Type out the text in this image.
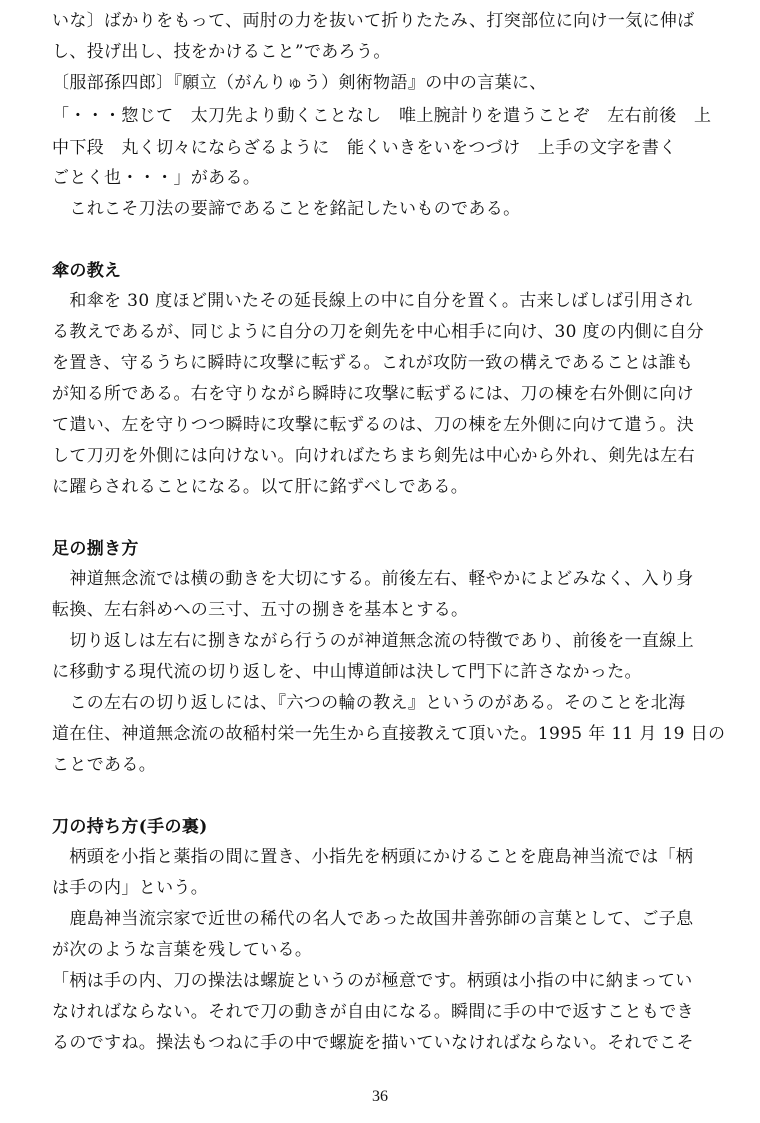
いな〕ばかりをもって、両肘の力を抜いて折りたたみ、打突部位に向け一気に伸ば
し、投げ出し、技をかけること”であろう。
〔服部孫四郎〕『願立（がんりゅう）剣術物語』の中の言葉に、
「・・・惣じて　太刀先より動くことなし　唯上腕計りを遣うことぞ　左右前後　上
中下段　丸く切々にならざるように　能くいきをいをつづけ　上手の文字を書く
ごとく也・・・」がある。
　これこそ刀法の要諦であることを銘記したいものである。
傘の教え
　和傘を 30 度ほど開いたその延長線上の中に自分を置く。古来しばしば引用され
る教えであるが、同じように自分の刀を剣先を中心相手に向け、30 度の内側に自分
を置き、守るうちに瞬時に攻撃に転ずる。これが攻防一致の構えであることは誰も
が知る所である。右を守りながら瞬時に攻撃に転ずるには、刀の棟を右外側に向け
て遣い、左を守りつつ瞬時に攻撃に転ずるのは、刀の棟を左外側に向けて遣う。決
して刀刃を外側には向けない。向ければたちまち剣先は中心から外れ、剣先は左右
に躍らされることになる。以て肝に銘ずべしである。
足の捌き方
　神道無念流では横の動きを大切にする。前後左右、軽やかによどみなく、入り身
転換、左右斜めへの三寸、五寸の捌きを基本とする。
　切り返しは左右に捌きながら行うのが神道無念流の特徴であり、前後を一直線上
に移動する現代流の切り返しを、中山博道師は決して門下に許さなかった。
　この左右の切り返しには、『六つの輪の教え』というのがある。そのことを北海
道在住、神道無念流の故稲村栄一先生から直接教えて頂いた。1995 年 11 月 19 日の
ことである。
刀の持ち方(手の裏)
　柄頭を小指と薬指の間に置き、小指先を柄頭にかけることを鹿島神当流では「柄
は手の内」という。
　鹿島神当流宗家で近世の稀代の名人であった故国井善弥師の言葉として、ご子息
が次のような言葉を残している。
「柄は手の内、刀の操法は螺旋というのが極意です。柄頭は小指の中に納まってい
なければならない。それで刀の動きが自由になる。瞬間に手の中で返すこともでき
るのですね。操法もつねに手の中で螺旋を描いていなければならない。それでこそ
36
